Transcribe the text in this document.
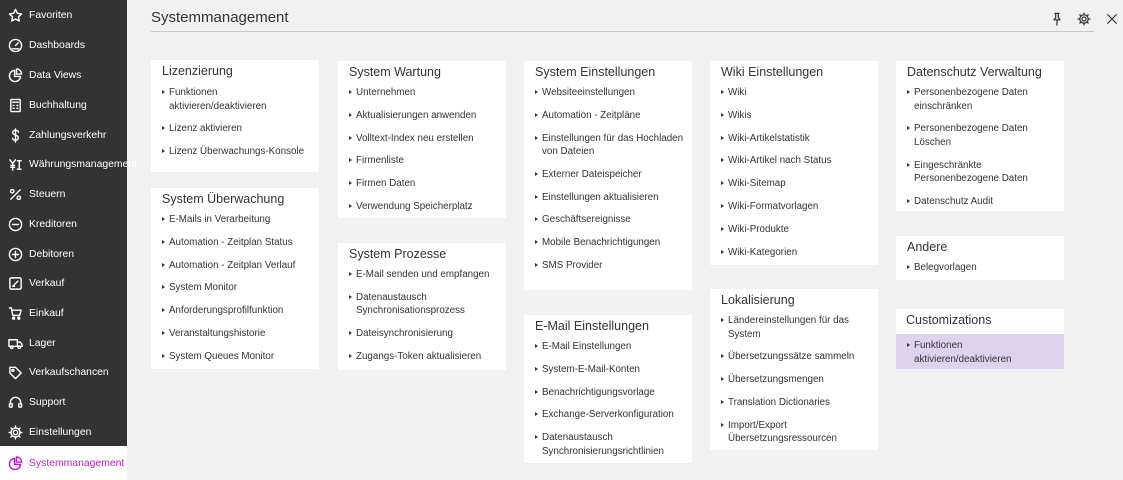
Favoriten
Dashboards
Data Views
Buchhaltung
Zahlungsverkehr
Währungsmanagement
Steuern
Kreditoren
Debitoren
Verkauf
Einkauf
Lager
Verkaufschancen
Support
Einstellungen
Systemmanagement
Systemmanagement
Lizenzierung
Funktionen aktivieren/deaktivieren
Lizenz aktivieren
Lizenz Überwachungs-Konsole
System Überwachung
E-Mails in Verarbeitung
Automation - Zeitplan Status
Automation - Zeitplan Verlauf
System Monitor
Anforderungsprofilfunktion
Veranstaltungshistorie
System Queues Monitor
System Wartung
Unternehmen
Aktualisierungen anwenden
Volltext-Index neu erstellen
Firmenliste
Firmen Daten
Verwendung Speicherplatz
System Prozesse
E-Mail senden und empfangen
Datenaustausch Synchronisationsprozess
Dateisynchronisierung
Zugangs-Token aktualisieren
System Einstellungen
Websiteeinstellungen
Automation - Zeitpläne
Einstellungen für das Hochladen von Dateien
Externer Dateispeicher
Einstellungen aktualisieren
Geschäftsereignisse
Mobile Benachrichtigungen
SMS Provider
E-Mail Einstellungen
E-Mail Einstellungen
System-E-Mail-Konten
Benachrichtigungsvorlage
Exchange-Serverkonfiguration
Datenaustausch Synchronisierungsrichtlinien
Wiki Einstellungen
Wiki
Wikis
Wiki-Artikelstatistik
Wiki-Artikel nach Status
Wiki-Sitemap
Wiki-Formatvorlagen
Wiki-Produkte
Wiki-Kategorien
Lokalisierung
Ländereinstellungen für das System
Übersetzungssätze sammeln
Übersetzungsmengen
Translation Dictionaries
Import/Export Übersetzungsressourcen
Datenschutz Verwaltung
Personenbezogene Daten einschränken
Personenbezogene Daten Löschen
Eingeschränkte Personenbezogene Daten
Datenschutz Audit
Andere
Belegvorlagen
Customizations
Funktionen aktivieren/deaktivieren
